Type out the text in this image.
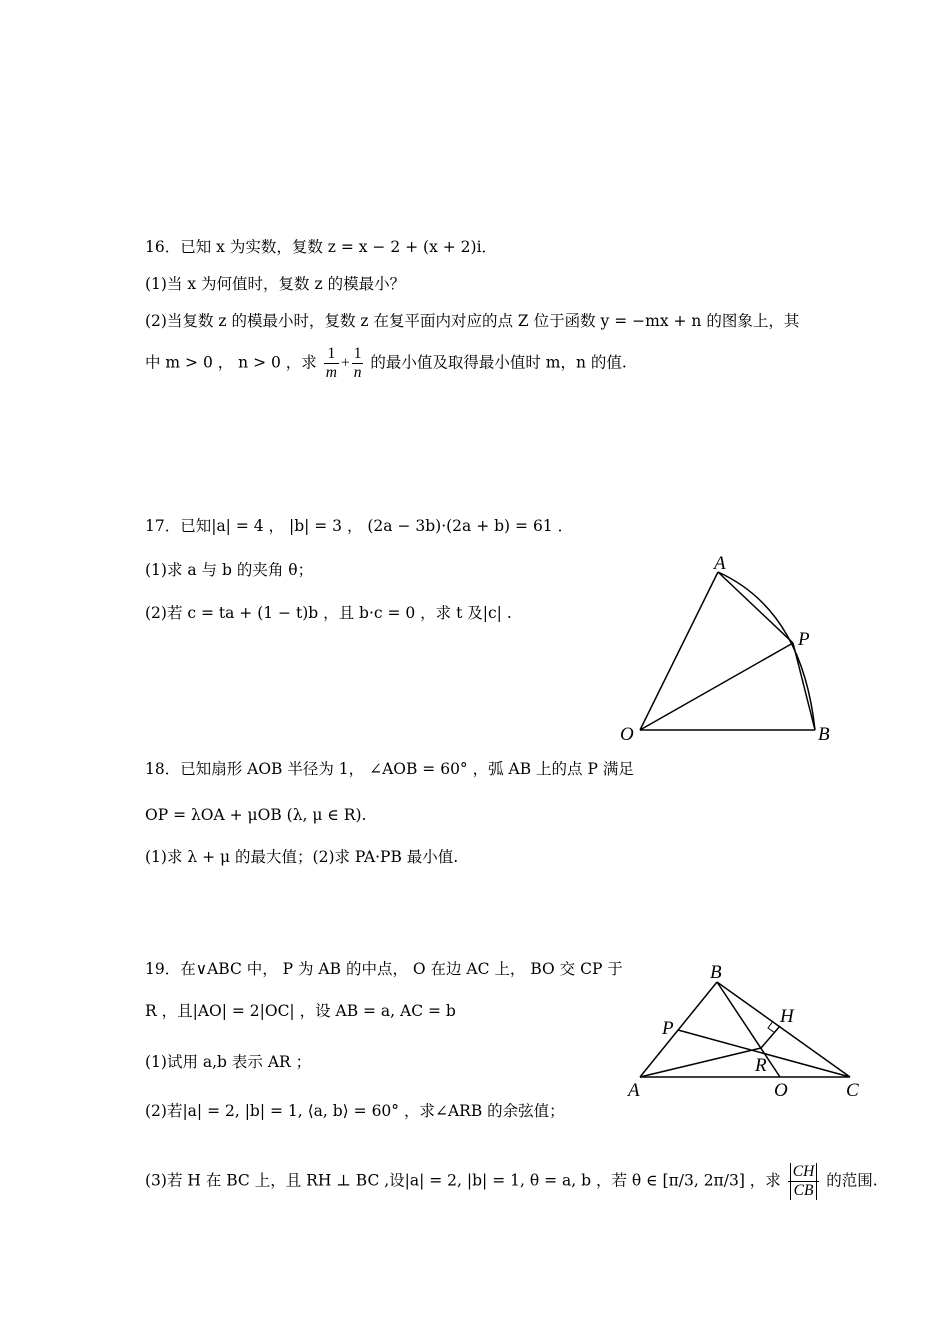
16．已知 x 为实数，复数 z = x − 2 + (x + 2)i．
(1)当 x 为何值时，复数 z 的模最小？
(2)当复数 z 的模最小时，复数 z 在复平面内对应的点 Z 位于函数 y = −mx + n 的图象上，其
中 m > 0 ， n > 0 ，求 $\frac{1}{m} + \frac{1}{n}$ 的最小值及取得最小值时 m，n 的值.
17．已知|a| = 4 ， |b| = 3 ， (2a − 3b)·(2a + b) = 61 ．
(1)求 a 与 b 的夹角 θ；
(2)若 c = ta + (1 − t)b ，且 b·c = 0 ，求 t 及|c| .
A
P
O	B
18．已知扇形 AOB 半径为 1， ∠AOB = 60° ，弧 AB 上的点 P 满足
OP = λOA + μOB (λ, μ ∈ R).
(1)求 λ + μ 的最大值；(2)求 PA·PB 最小值.
19．在∨ABC 中， P 为 AB 的中点， O 在边 AC 上， BO 交 CP 于
R ，且|AO| = 2|OC| ，设 AB = a, AC = b
(1)试用 a,b 表示 AR ；
(2)若|a| = 2, |b| = 1, ⟨a, b⟩ = 60° ，求∠ARB 的余弦值；
(3)若 H 在 BC 上，且 RH ⊥ BC ,设|a| = 2, |b| = 1, θ = a, b ，若 θ ∈ [π/3, 2π/3] ，求 $\frac{CH}{CB}$ 的范围.
B
H
P
R
A	O	C
